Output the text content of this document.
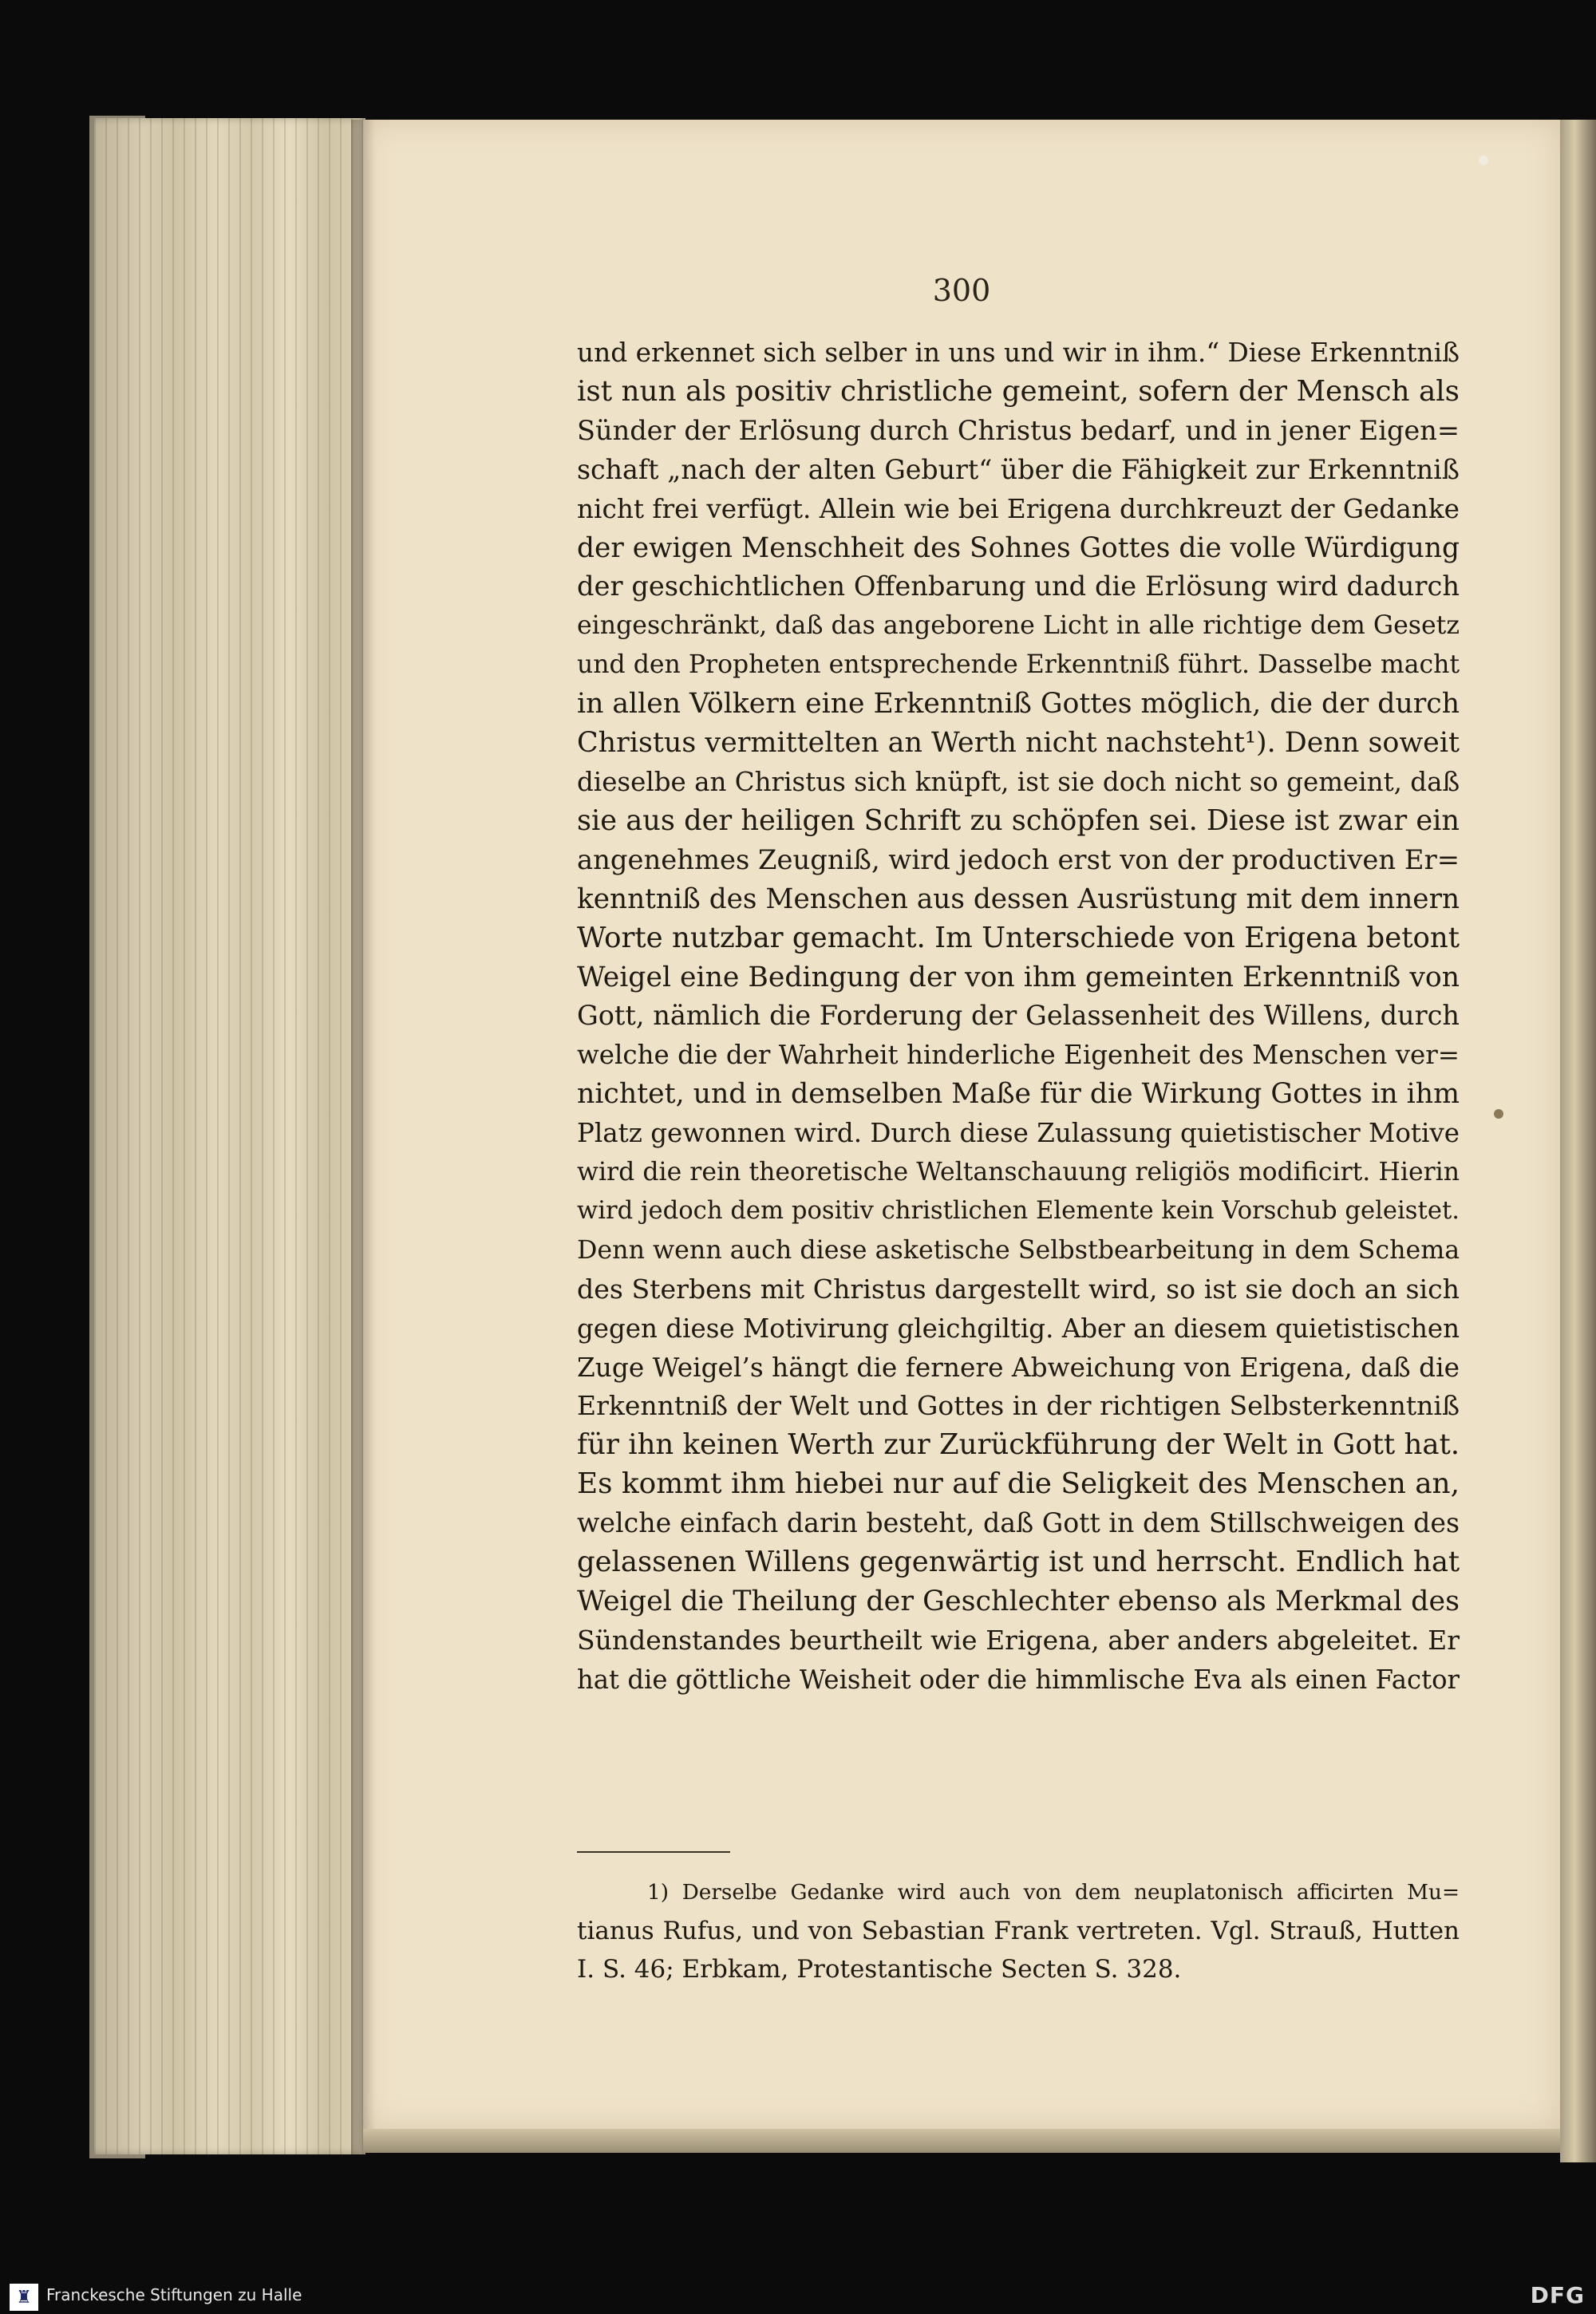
300
und erkennet sich selber in uns und wir in ihm.“ Diese Erkenntniß
ist nun als positiv christliche gemeint, sofern der Mensch als
Sünder der Erlösung durch Christus bedarf, und in jener Eigen=
schaft „nach der alten Geburt“ über die Fähigkeit zur Erkenntniß
nicht frei verfügt. Allein wie bei Erigena durchkreuzt der Gedanke
der ewigen Menschheit des Sohnes Gottes die volle Würdigung
der geschichtlichen Offenbarung und die Erlösung wird dadurch
eingeschränkt, daß das angeborene Licht in alle richtige dem Gesetz
und den Propheten entsprechende Erkenntniß führt. Dasselbe macht
in allen Völkern eine Erkenntniß Gottes möglich, die der durch
Christus vermittelten an Werth nicht nachsteht¹). Denn soweit
dieselbe an Christus sich knüpft, ist sie doch nicht so gemeint, daß
sie aus der heiligen Schrift zu schöpfen sei. Diese ist zwar ein
angenehmes Zeugniß, wird jedoch erst von der productiven Er=
kenntniß des Menschen aus dessen Ausrüstung mit dem innern
Worte nutzbar gemacht. Im Unterschiede von Erigena betont
Weigel eine Bedingung der von ihm gemeinten Erkenntniß von
Gott, nämlich die Forderung der Gelassenheit des Willens, durch
welche die der Wahrheit hinderliche Eigenheit des Menschen ver=
nichtet, und in demselben Maße für die Wirkung Gottes in ihm
Platz gewonnen wird. Durch diese Zulassung quietistischer Motive
wird die rein theoretische Weltanschauung religiös modificirt. Hierin
wird jedoch dem positiv christlichen Elemente kein Vorschub geleistet.
Denn wenn auch diese asketische Selbstbearbeitung in dem Schema
des Sterbens mit Christus dargestellt wird, so ist sie doch an sich
gegen diese Motivirung gleichgiltig. Aber an diesem quietistischen
Zuge Weigel’s hängt die fernere Abweichung von Erigena, daß die
Erkenntniß der Welt und Gottes in der richtigen Selbsterkenntniß
für ihn keinen Werth zur Zurückführung der Welt in Gott hat.
Es kommt ihm hiebei nur auf die Seligkeit des Menschen an,
welche einfach darin besteht, daß Gott in dem Stillschweigen des
gelassenen Willens gegenwärtig ist und herrscht. Endlich hat
Weigel die Theilung der Geschlechter ebenso als Merkmal des
Sündenstandes beurtheilt wie Erigena, aber anders abgeleitet. Er
hat die göttliche Weisheit oder die himmlische Eva als einen Factor
1) Derselbe Gedanke wird auch von dem neuplatonisch afficirten Mu=
tianus Rufus, und von Sebastian Frank vertreten. Vgl. Strauß, Hutten
I. S. 46; Erbkam, Protestantische Secten S. 328.
♜ Franckesche Stiftungen zu Halle	DFG
